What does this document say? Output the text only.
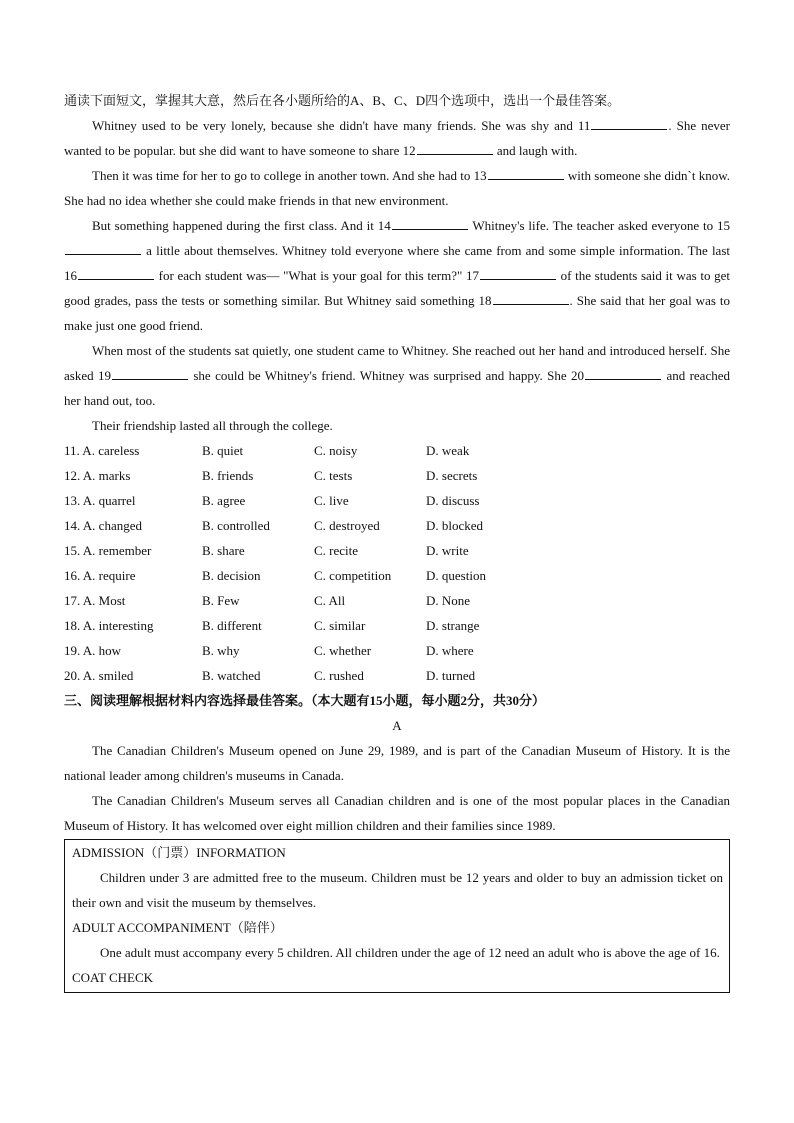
通读下面短文，掌握其大意，然后在各小题所给的A、B、C、D四个选项中，选出一个最佳答案。
Whitney used to be very lonely, because she didn't have many friends. She was shy and 11	. She never wanted to be popular. but she did want to have someone to share 12	and laugh with.
Then it was time for her to go to college in another town. And she had to 13	with someone she didn`t know. She had no idea whether she could make friends in that new environment.
But something happened during the first class. And it 14	Whitney's life. The teacher asked everyone to 15 a little about themselves. Whitney told everyone where she came from and some simple information. The last 16	for each student was— "What is your goal for this term?" 17	of the students said it was to get good grades, pass the tests or something similar. But Whitney said something 18	. She said that her goal was to make just one good friend.
When most of the students sat quietly, one student came to Whitney. She reached out her hand and introduced herself. She asked 19	she could be Whitney's friend. Whitney was surprised and happy. She 20	and reached her hand out, too.
Their friendship lasted all through the college.
11. A. careless	B. quiet	C. noisy	D. weak
12. A. marks	B. friends	C. tests	D. secrets
13. A. quarrel	B. agree	C. live	D. discuss
14. A. changed	B. controlled	C. destroyed	D. blocked
15. A. remember	B. share	C. recite	D. write
16. A. require	B. decision	C. competition	D. question
17. A. Most	B. Few	C. All	D. None
18. A. interesting	B. different	C. similar	D. strange
19. A. how	B. why	C. whether	D. where
20. A. smiled	B. watched	C. rushed	D. turned
三、阅读理解根据材料内容选择最佳答案。（本大题有15小题，每小题2分，共30分）
A
The Canadian Children's Museum opened on June 29, 1989, and is part of the Canadian Museum of History. It is the national leader among children's museums in Canada.
The Canadian Children's Museum serves all Canadian children and is one of the most popular places in the Canadian Museum of History. It has welcomed over eight million children and their families since 1989.
ADMISSION（门票）INFORMATION
Children under 3 are admitted free to the museum. Children must be 12 years and older to buy an admission ticket on their own and visit the museum by themselves.
ADULT ACCOMPANIMENT（陪伴）
One adult must accompany every 5 children. All children under the age of 12 need an adult who is above the age of 16.
COAT CHECK
